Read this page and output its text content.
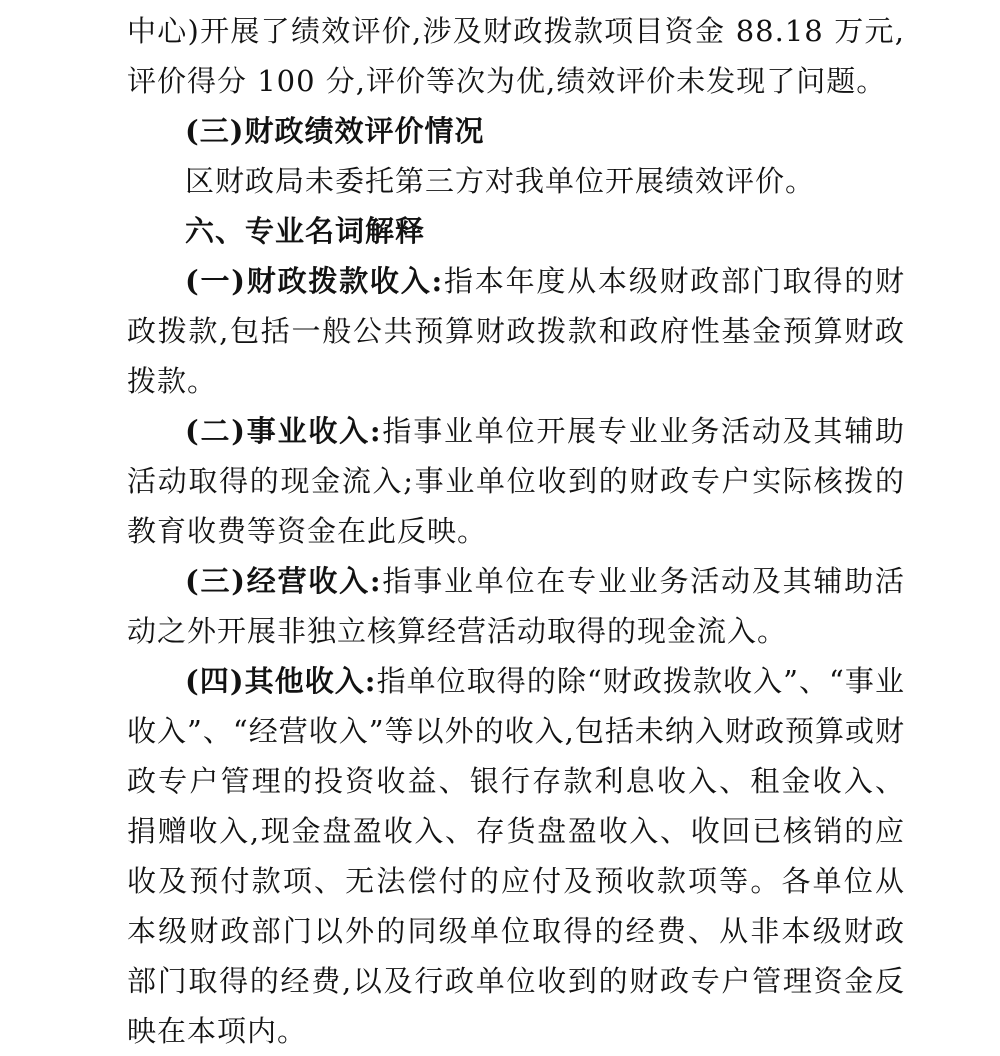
中心)开展了绩效评价,涉及财政拨款项目资金 88.18 万元,评价得分 100 分,评价等次为优,绩效评价未发现了问题。

(三)财政绩效评价情况

区财政局未委托第三方对我单位开展绩效评价。

六、专业名词解释

(一)财政拨款收入:指本年度从本级财政部门取得的财政拨款,包括一般公共预算财政拨款和政府性基金预算财政拨款。

(二)事业收入:指事业单位开展专业业务活动及其辅助活动取得的现金流入;事业单位收到的财政专户实际核拨的教育收费等资金在此反映。

(三)经营收入:指事业单位在专业业务活动及其辅助活动之外开展非独立核算经营活动取得的现金流入。

(四)其他收入:指单位取得的除“财政拨款收入”、“事业收入”、“经营收入”等以外的收入,包括未纳入财政预算或财政专户管理的投资收益、银行存款利息收入、租金收入、捐赠收入,现金盘盈收入、存货盘盈收入、收回已核销的应收及预付款项、无法偿付的应付及预收款项等。各单位从本级财政部门以外的同级单位取得的经费、从非本级财政部门取得的经费,以及行政单位收到的财政专户管理资金反映在本项内。
